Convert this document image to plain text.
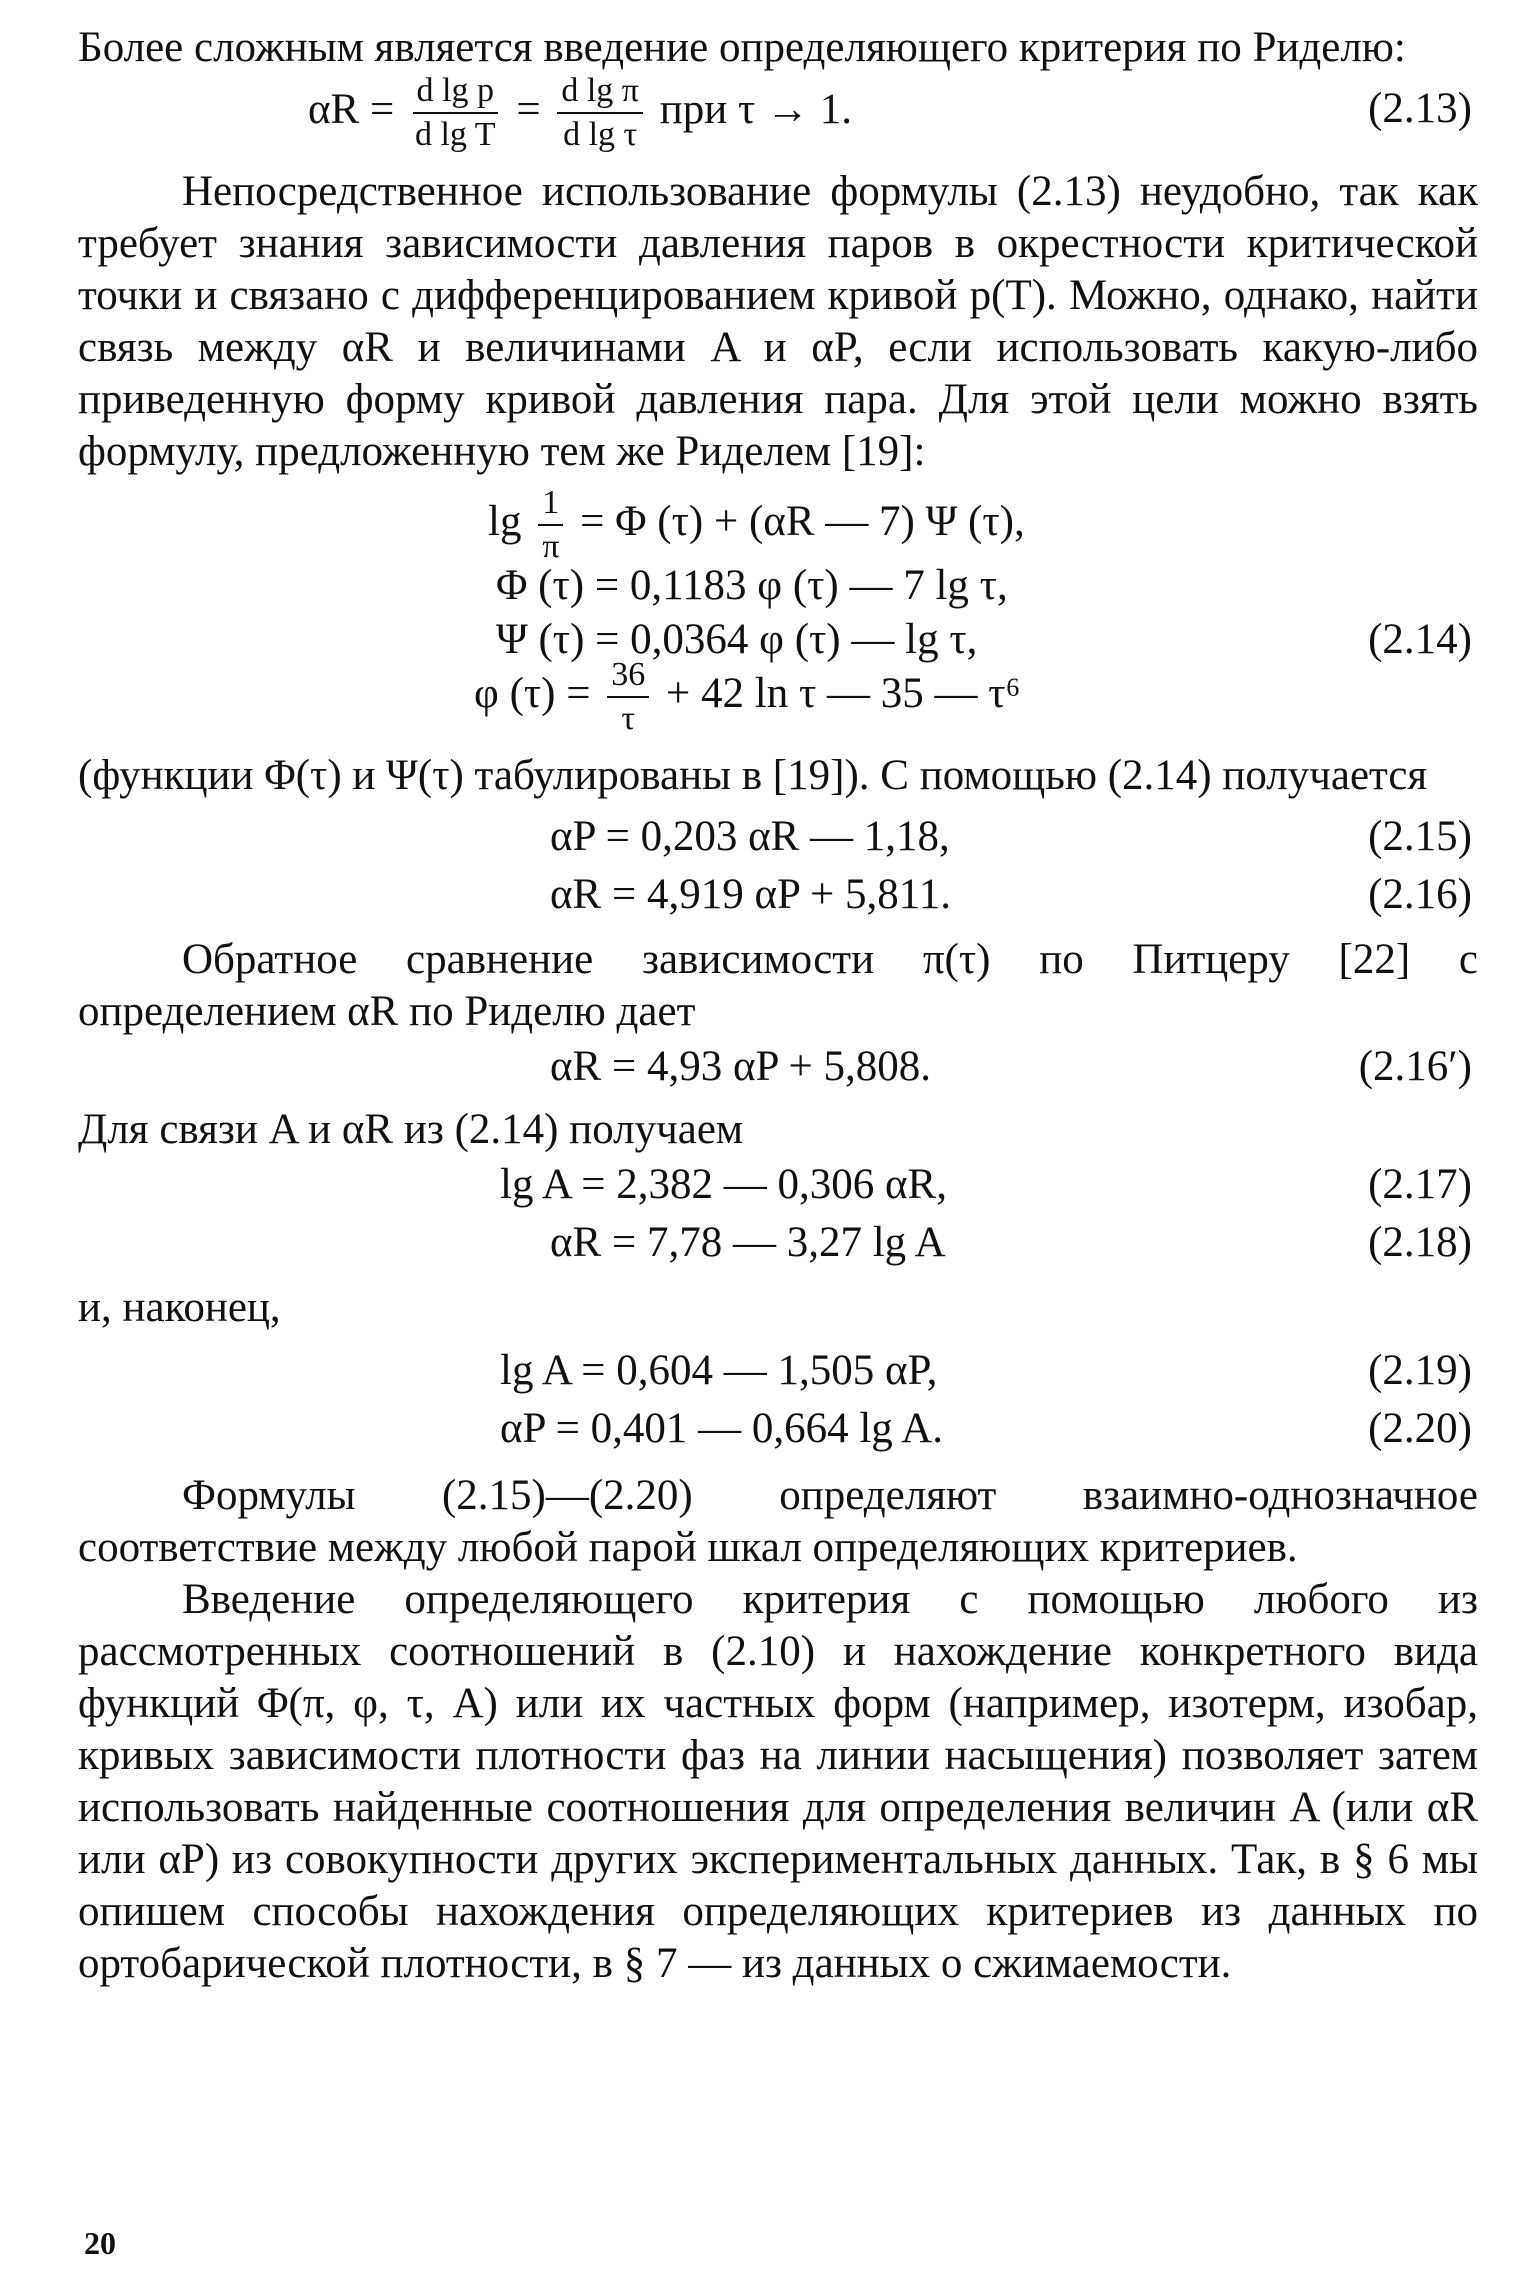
Более сложным является введение определяющего критерия по Риделю:

$\alpha R = \frac{\text{d lg p}}{\text{d lg T}} = \frac{\text{d lg π}}{\text{d lg τ}}$ при τ → 1.	(2.13)

Непосредственное использование формулы (2.13) неудобно, так как требует знания зависимости давления паров в окрестности критической точки и связано с дифференцированием кривой p(T). Можно, однако, найти связь между αR и величинами A и αP, если использовать какую-либо приведенную форму кривой давления пара. Для этой цели можно взять формулу, предложенную тем же Риделем [19]:

$\lg \frac{1}{\pi} = \Phi$ (τ) + (αR — 7) Ψ (τ),
Φ (τ) = 0,1183 φ (τ) — 7 lg τ,
Ψ (τ) = 0,0364 φ (τ) — lg τ,
φ $(\tau) = \frac{36}{\tau} + 42$ ln τ — 35 — τ⁶
(2.14)

(функции Φ(τ) и Ψ(τ) табулированы в [19]). С помощью (2.14) получается

αP = 0,203 αR — 1,18,	(2.15)
αR = 4,919 αP + 5,811.	(2.16)

Обратное сравнение зависимости π(τ) по Питцеру [22] с определением αR по Риделю дает

αR = 4,93 αP + 5,808.	(2.16′)

Для связи A и αR из (2.14) получаем

lg A = 2,382 — 0,306 αR,	(2.17)
αR = 7,78 — 3,27 lg A	(2.18)

и, наконец,

lg A = 0,604 — 1,505 αP,	(2.19)
αP = 0,401 — 0,664 lg A.	(2.20)

Формулы (2.15)—(2.20) определяют взаимно-однозначное соответствие между любой парой шкал определяющих критериев.

Введение определяющего критерия с помощью любого из рассмотренных соотношений в (2.10) и нахождение конкретного вида функций Φ(π, φ, τ, A) или их частных форм (например, изотерм, изобар, кривых зависимости плотности фаз на линии насыщения) позволяет затем использовать найденные соотношения для определения величин A (или αR или αP) из совокупности других экспериментальных данных. Так, в § 6 мы опишем способы нахождения определяющих критериев из данных по ортобарической плотности, в § 7 — из данных о сжимаемости.

20
